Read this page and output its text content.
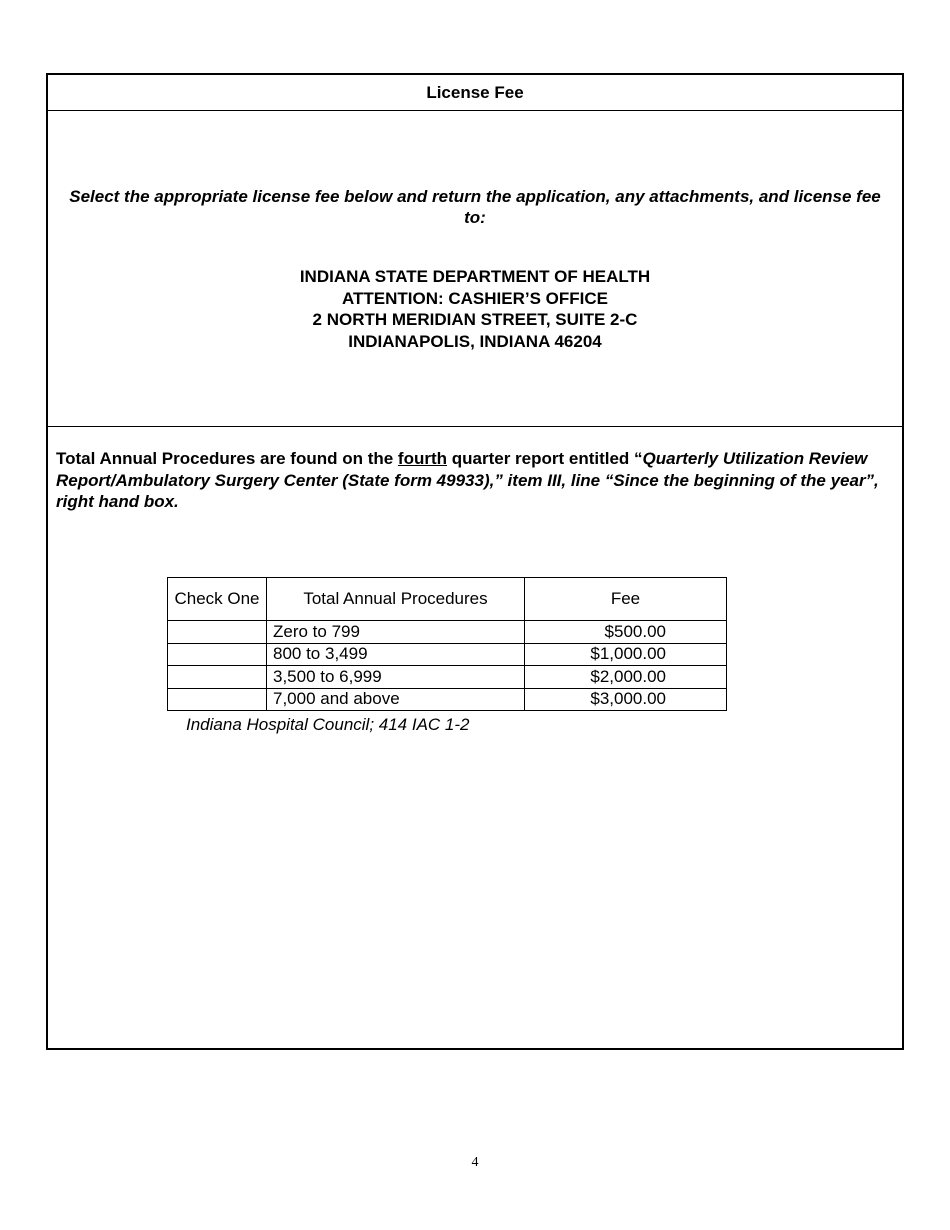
License Fee
Select the appropriate license fee below and return the application, any attachments, and license fee to:
INDIANA STATE DEPARTMENT OF HEALTH
ATTENTION: CASHIER’S OFFICE
2 NORTH MERIDIAN STREET, SUITE 2-C
INDIANAPOLIS, INDIANA 46204
Total Annual Procedures are found on the fourth quarter report entitled “Quarterly Utilization Review Report/Ambulatory Surgery Center (State form 49933),” item III, line “Since the beginning of the year”, right hand box.
Check One	Total Annual Procedures	Fee
	Zero to 799	$500.00
	800 to 3,499	$1,000.00
	3,500 to 6,999	$2,000.00
	7,000 and above	$3,000.00
Indiana Hospital Council; 414 IAC 1-2
4
